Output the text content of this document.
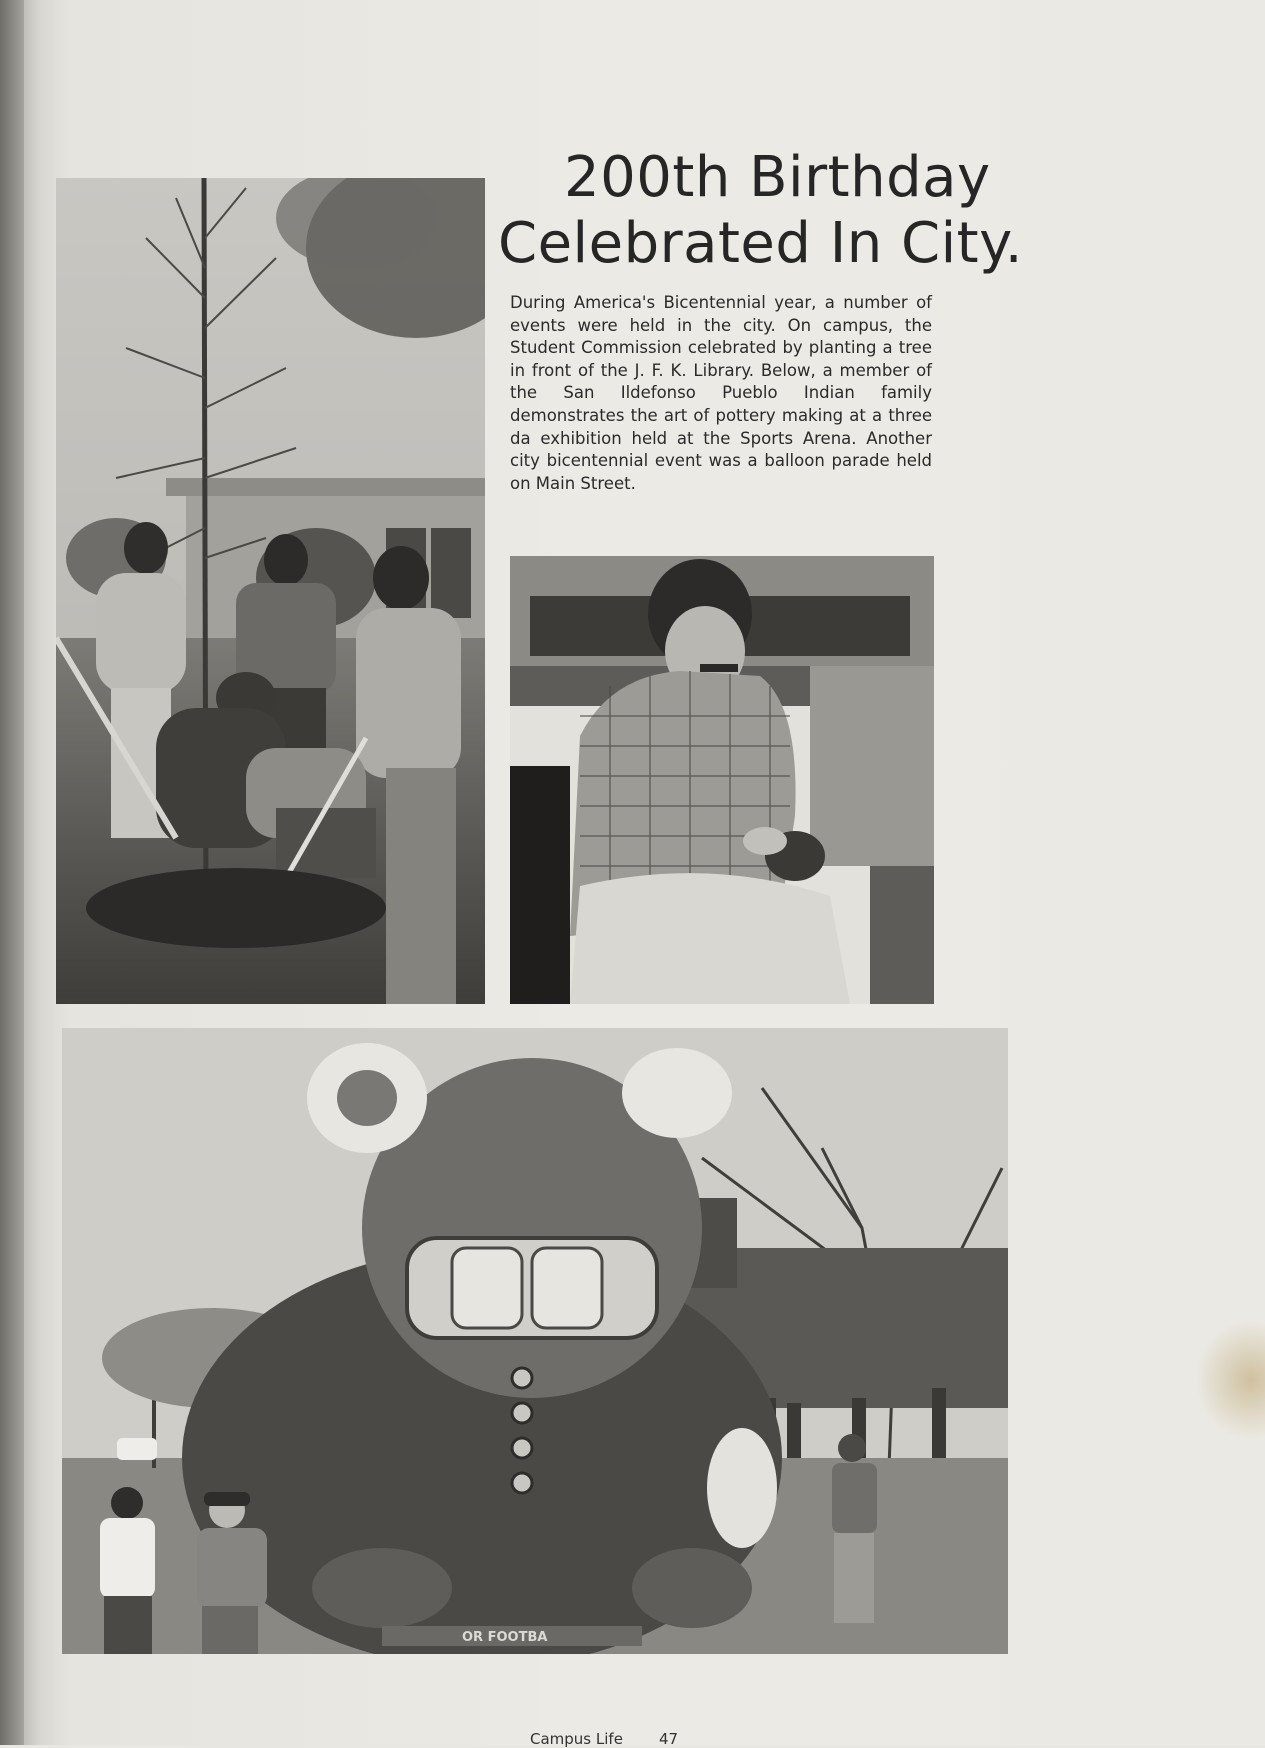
200th Birthday
Celebrated In City.

During America's Bicentennial year, a number of events were held in the city. On campus, the Student Commission celebrated by planting a tree in front of the J. F. K. Library. Below, a member of the San Ildefonso Pueblo Indian family demonstrates the art of pottery making at a three da exhibition held at the Sports Arena. Another city bicentennial event was a balloon parade held on Main Street.

OR FOOTBA
Campus Life 47
